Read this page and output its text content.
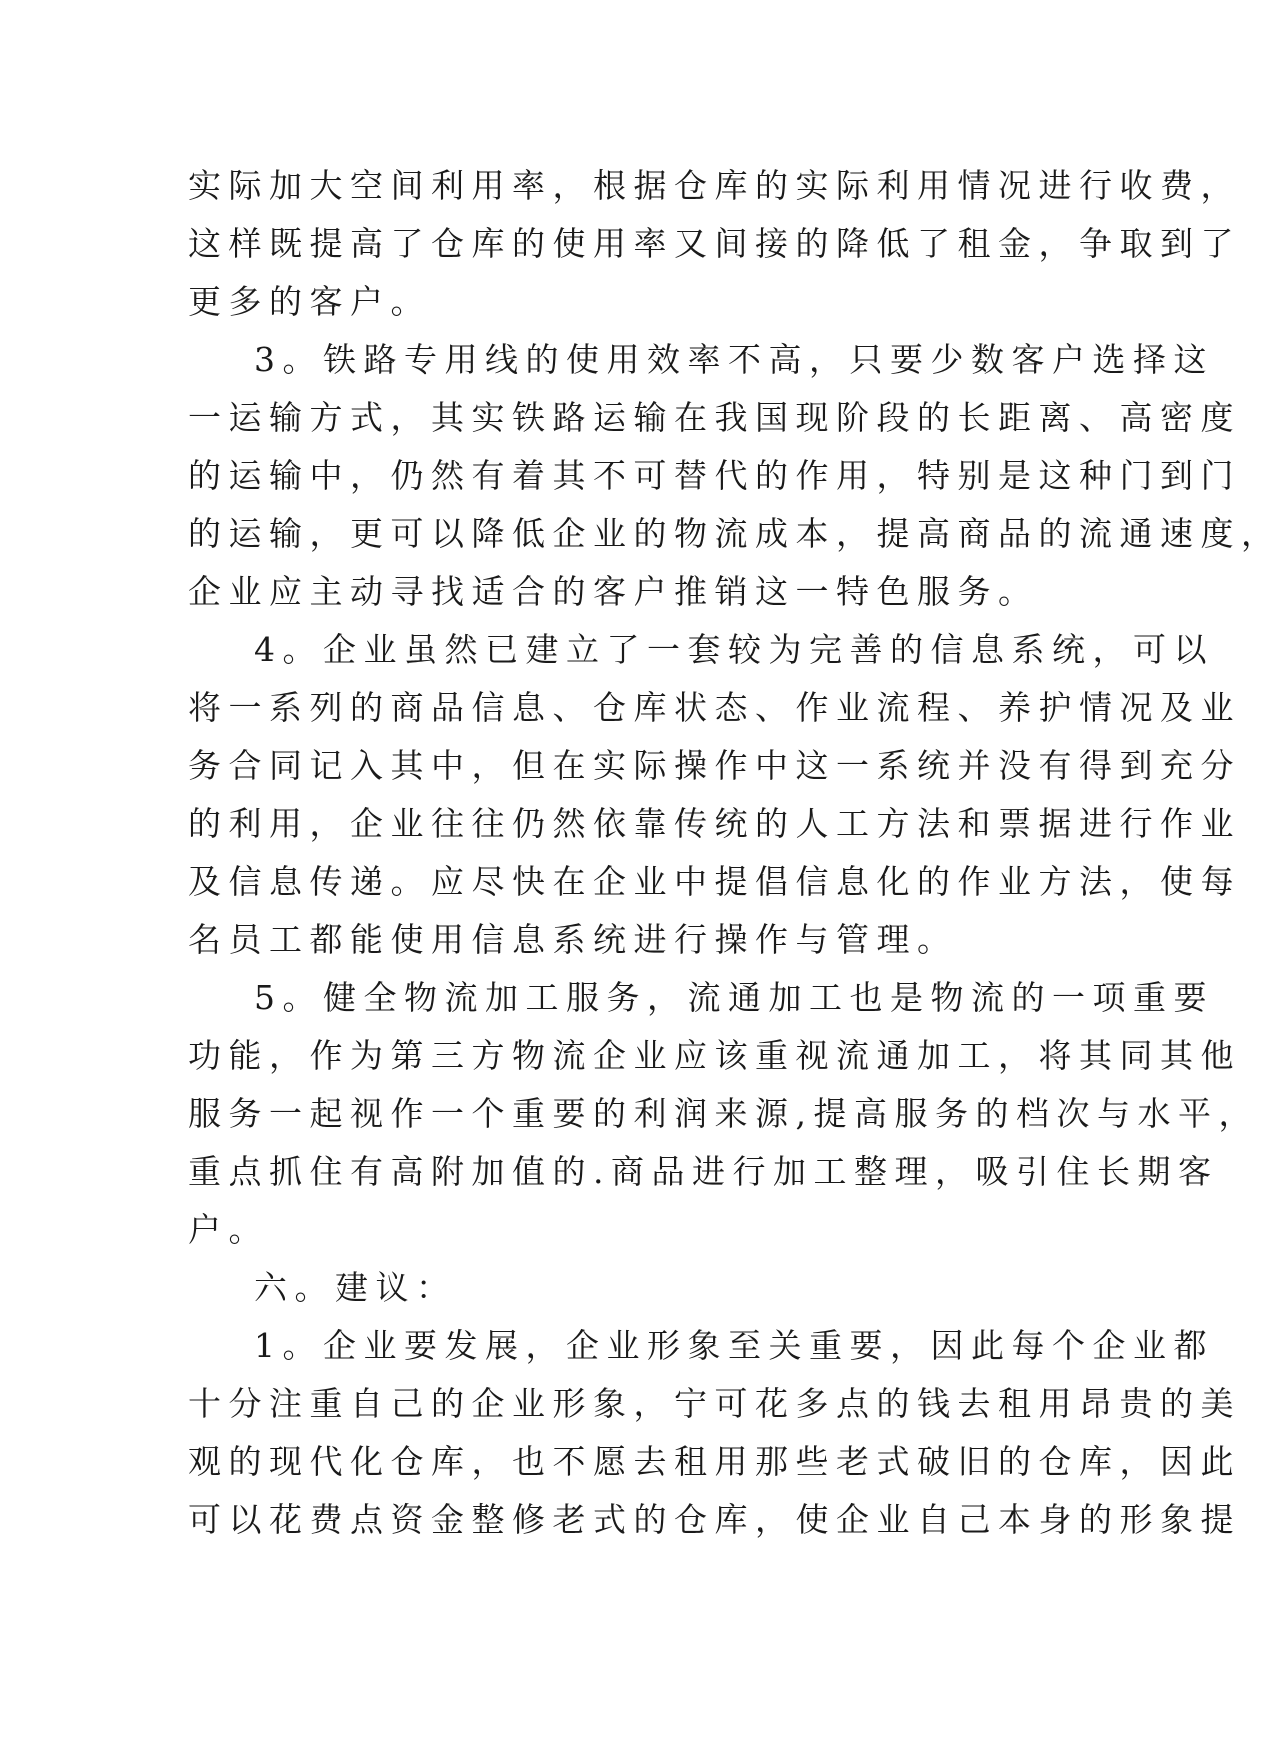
实际加大空间利用率，根据仓库的实际利用情况进行收费，
这样既提高了仓库的使用率又间接的降低了租金，争取到了
更多的客户。
3。铁路专用线的使用效率不高，只要少数客户选择这
一运输方式，其实铁路运输在我国现阶段的长距离、高密度
的运输中，仍然有着其不可替代的作用，特别是这种门到门
的运输，更可以降低企业的物流成本，提高商品的流通速度，
企业应主动寻找适合的客户推销这一特色服务。
4。企业虽然已建立了一套较为完善的信息系统，可以
将一系列的商品信息、仓库状态、作业流程、养护情况及业
务合同记入其中，但在实际操作中这一系统并没有得到充分
的利用，企业往往仍然依靠传统的人工方法和票据进行作业
及信息传递。应尽快在企业中提倡信息化的作业方法，使每
名员工都能使用信息系统进行操作与管理。
5。健全物流加工服务，流通加工也是物流的一项重要
功能，作为第三方物流企业应该重视流通加工，将其同其他
服务一起视作一个重要的利润来源,提高服务的档次与水平，
重点抓住有高附加值的.商品进行加工整理，吸引住长期客
户。
六。建议：
1。企业要发展，企业形象至关重要，因此每个企业都
十分注重自己的企业形象，宁可花多点的钱去租用昂贵的美
观的现代化仓库，也不愿去租用那些老式破旧的仓库，因此
可以花费点资金整修老式的仓库，使企业自己本身的形象提
